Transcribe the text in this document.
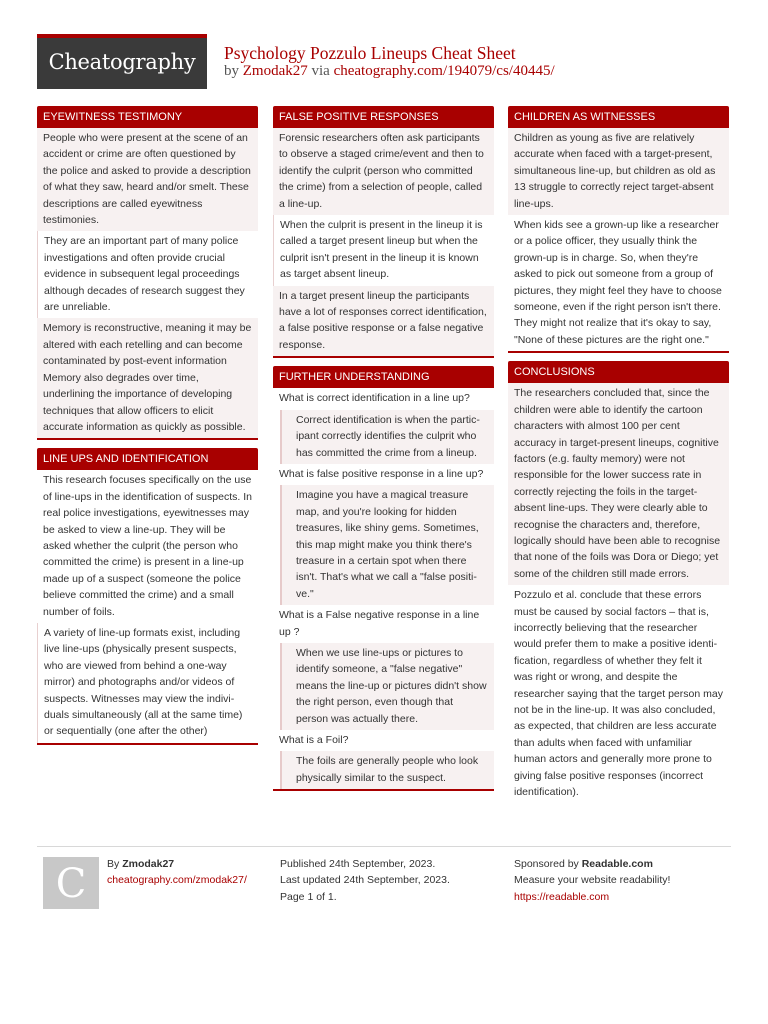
Cheatography	Psychology Pozzulo Lineups Cheat Sheet
by Zmodak27 via cheatography.com/194079/cs/40445/
EYEWITNESS TESTIMONY
People who were present at the scene of an accident or crime are often questioned by the police and asked to provide a description of what they saw, heard and/or smelt. These descriptions are called eyewitness testimonies.
They are an important part of many police investigations and often provide crucial evidence in subsequent legal proceedings although decades of research suggest they are unreliable.
Memory is reconstructive, meaning it may be altered with each retelling and can become contaminated by post-event information Memory also degrades over time, underlining the importance of developing techniques that allow officers to elicit accurate information as quickly as possible.
LINE UPS AND IDENTIFICATION
This research focuses specifically on the use of line-ups in the identification of suspects. In real police investigations, eyewitnesses may be asked to view a line-up. They will be asked whether the culprit (the person who committed the crime) is present in a line-up made up of a suspect (someone the police believe committed the crime) and a small number of foils.
A variety of line-up formats exist, including live line-ups (physically present suspects, who are viewed from behind a one-way mirror) and photographs and/or videos of suspects. Witnesses may view the individuals simultaneously (all at the same time) or sequentially (one after the other)
FALSE POSITIVE RESPONSES
Forensic researchers often ask participants to observe a staged crime/event and then to identify the culprit (person who committed the crime) from a selection of people, called a line-up.
When the culprit is present in the lineup it is called a target present lineup but when the culprit isn't present in the lineup it is known as target absent lineup.
In a target present lineup the participants have a lot of responses correct identification, a false positive response or a false negative response.
FURTHER UNDERSTANDING
What is correct identification in a line up?
Correct identification is when the participant correctly identifies the culprit who has committed the crime from a lineup.
What is false positive response in a line up?
Imagine you have a magical treasure map, and you're looking for hidden treasures, like shiny gems. Sometimes, this map might make you think there's treasure in a certain spot when there isn't. That's what we call a "false positive."
What is a False negative response in a line up ?
When we use line-ups or pictures to identify someone, a "false negative" means the line-up or pictures didn't show the right person, even though that person was actually there.
What is a Foil?
The foils are generally people who look physically similar to the suspect.
CHILDREN AS WITNESSES
Children as young as five are relatively accurate when faced with a target-present, simultaneous line-up, but children as old as 13 struggle to correctly reject target-absent line-ups.
When kids see a grown-up like a researcher or a police officer, they usually think the grown-up is in charge. So, when they're asked to pick out someone from a group of pictures, they might feel they have to choose someone, even if the right person isn't there. They might not realize that it's okay to say, "None of these pictures are the right one."
CONCLUSIONS
The researchers concluded that, since the children were able to identify the cartoon characters with almost 100 per cent accuracy in target-present lineups, cognitive factors (e.g. faulty memory) were not responsible for the lower success rate in correctly rejecting the foils in the target-absent line-ups. They were clearly able to recognise the characters and, therefore, logically should have been able to recognise that none of the foils was Dora or Diego; yet some of the children still made errors.
Pozzulo et al. conclude that these errors must be caused by social factors – that is, incorrectly believing that the researcher would prefer them to make a positive identification, regardless of whether they felt it was right or wrong, and despite the researcher saying that the target person may not be in the line-up. It was also concluded, as expected, that children are less accurate than adults when faced with unfamiliar human actors and generally more prone to giving false positive responses (incorrect identification).
C	By Zmodak27
cheatography.com/zmodak27/
Published 24th September, 2023.
Last updated 24th September, 2023.
Page 1 of 1.
Sponsored by Readable.com
Measure your website readability!
https://readable.com
